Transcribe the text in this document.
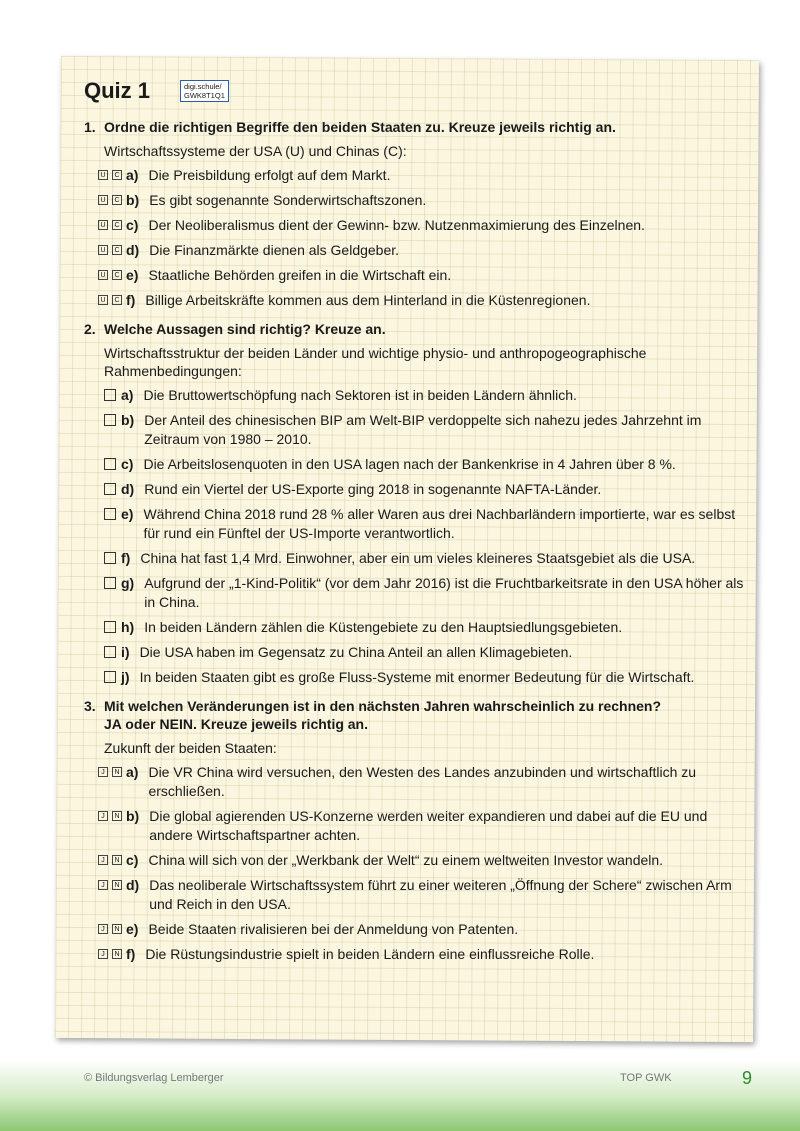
Quiz 1	digi.schule/
GWK8T1Q1
1. Ordne die richtigen Begriffe den beiden Staaten zu. Kreuze jeweils richtig an.
Wirtschaftssysteme der USA (U) und Chinas (C):
U	C a) Die Preisbildung erfolgt auf dem Markt.
U	C b) Es gibt sogenannte Sonderwirtschaftszonen.
U	C c) Der Neoliberalismus dient der Gewinn- bzw. Nutzenmaximierung des Einzelnen.
U	C d) Die Finanzmärkte dienen als Geldgeber.
U	C e) Staatliche Behörden greifen in die Wirtschaft ein.
U	C f) Billige Arbeitskräfte kommen aus dem Hinterland in die Küstenregionen.
2. Welche Aussagen sind richtig? Kreuze an.
Wirtschaftsstruktur der beiden Länder und wichtige physio- und anthropogeographische Rahmenbedingungen:
a) Die Bruttowertschöpfung nach Sektoren ist in beiden Ländern ähnlich.
b) Der Anteil des chinesischen BIP am Welt-BIP verdoppelte sich nahezu jedes Jahrzehnt im Zeitraum von 1980 – 2010.
c) Die Arbeitslosenquoten in den USA lagen nach der Bankenkrise in 4 Jahren über 8 %.
d) Rund ein Viertel der US-Exporte ging 2018 in sogenannte NAFTA-Länder.
e) Während China 2018 rund 28 % aller Waren aus drei Nachbarländern importierte, war es selbst für rund ein Fünftel der US-Importe verantwortlich.
f) China hat fast 1,4 Mrd. Einwohner, aber ein um vieles kleineres Staatsgebiet als die USA.
g) Aufgrund der „1-Kind-Politik“ (vor dem Jahr 2016) ist die Fruchtbarkeitsrate in den USA höher als in China.
h) In beiden Ländern zählen die Küstengebiete zu den Hauptsiedlungsgebieten.
i) Die USA haben im Gegensatz zu China Anteil an allen Klimagebieten.
j) In beiden Staaten gibt es große Fluss-Systeme mit enormer Bedeutung für die Wirtschaft.
3. Mit welchen Veränderungen ist in den nächsten Jahren wahrscheinlich zu rechnen? JA oder NEIN. Kreuze jeweils richtig an.
Zukunft der beiden Staaten:
J	N a) Die VR China wird versuchen, den Westen des Landes anzubinden und wirtschaftlich zu erschließen.
J	N b) Die global agierenden US-Konzerne werden weiter expandieren und dabei auf die EU und andere Wirtschaftspartner achten.
J	N c) China will sich von der „Werkbank der Welt“ zu einem weltweiten Investor wandeln.
J	N d) Das neoliberale Wirtschaftssystem führt zu einer weiteren „Öffnung der Schere“ zwischen Arm und Reich in den USA.
J	N e) Beide Staaten rivalisieren bei der Anmeldung von Patenten.
J	N f) Die Rüstungsindustrie spielt in beiden Ländern eine einflussreiche Rolle.
© Bildungsverlag Lemberger	TOP GWK	9
